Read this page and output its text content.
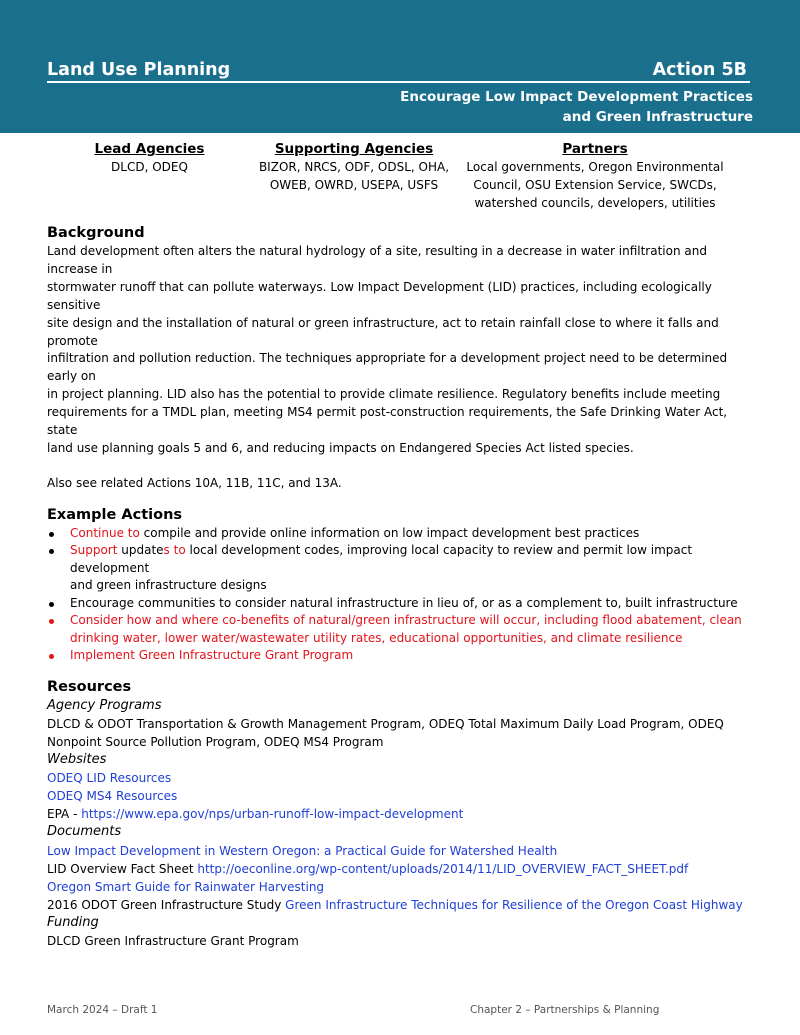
Land Use Planning	Action 5B
Encourage Low Impact Development Practices
and Green Infrastructure
Lead Agencies
DLCD, ODEQ
Supporting Agencies
BIZOR, NRCS, ODF, ODSL, OHA,
OWEB, OWRD, USEPA, USFS
Partners
Local governments, Oregon Environmental
Council, OSU Extension Service, SWCDs,
watershed councils, developers, utilities
Background

Land development often alters the natural hydrology of a site, resulting in a decrease in water infiltration and increase in
stormwater runoff that can pollute waterways. Low Impact Development (LID) practices, including ecologically sensitive
site design and the installation of natural or green infrastructure, act to retain rainfall close to where it falls and promote
infiltration and pollution reduction. The techniques appropriate for a development project need to be determined early on
in project planning. LID also has the potential to provide climate resilience. Regulatory benefits include meeting
requirements for a TMDL plan, meeting MS4 permit post-construction requirements, the Safe Drinking Water Act, state
land use planning goals 5 and 6, and reducing impacts on Endangered Species Act listed species.

Also see related Actions 10A, 11B, 11C, and 13A.

Example Actions
Continue to compile and provide online information on low impact development best practices
Support updates to local development codes, improving local capacity to review and permit low impact development
and green infrastructure designs
Encourage communities to consider natural infrastructure in lieu of, or as a complement to, built infrastructure
Consider how and where co-benefits of natural/green infrastructure will occur, including flood abatement, clean
drinking water, lower water/wastewater utility rates, educational opportunities, and climate resilience
Implement Green Infrastructure Grant Program
Resources
Agency Programs
DLCD & ODOT Transportation & Growth Management Program, ODEQ Total Maximum Daily Load Program, ODEQ
Nonpoint Source Pollution Program, ODEQ MS4 Program
Websites
ODEQ LID Resources
ODEQ MS4 Resources
EPA - https://www.epa.gov/nps/urban-runoff-low-impact-development
Documents
Low Impact Development in Western Oregon: a Practical Guide for Watershed Health
LID Overview Fact Sheet http://oeconline.org/wp-content/uploads/2014/11/LID_OVERVIEW_FACT_SHEET.pdf
Oregon Smart Guide for Rainwater Harvesting
2016 ODOT Green Infrastructure Study Green Infrastructure Techniques for Resilience of the Oregon Coast Highway
Funding
DLCD Green Infrastructure Grant Program
March 2024 – Draft 1	Chapter 2 – Partnerships & Planning
